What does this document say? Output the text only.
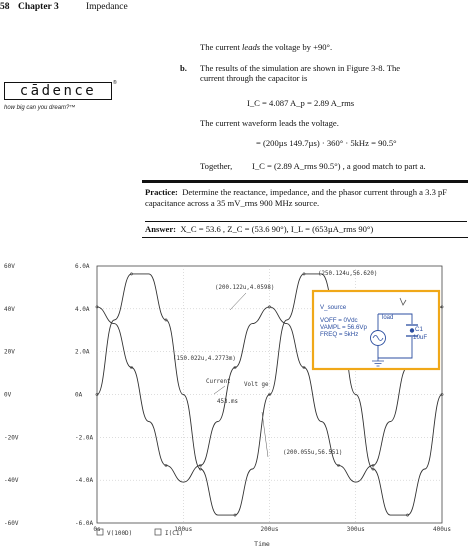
58 Chapter 3	Impedance
cādence	®
how big can you dream?™
The current leads the voltage by +90°.
b. The results of the simulation are shown in Figure 3-8. The
current through the capacitor is
I_C = 4.087 A_p = 2.89 A_rms
The current waveform leads the voltage.
= (200µs 149.7µs) · 360° · 5kHz = 90.5°
Together, I_C = (2.89 A_rms 90.5°) , a good match to part a.
Practice: Determine the reactance, impedance, and the phasor current through a 3.3 pF capacitance across a 35 mV_rms 900 MHz source.
Answer: X_C = 53.6 , Z_C = (53.6 90°), I_L = (653µA_rms 90°)
60V	6.0A
40V	4.0A
20V	2.0A
0V	0A
-20V	-2.0A
-40V	-4.0A
-60V	-6.0A
0s	100us	200us	300us	400us
(250.124u,56.620)
(200.122u,4.0598)
(150.022u,4.2773m)
Current Volt ge
(200.055u,56.551)
453.ms
V(100D)	I(C1)
Time
V_source
VOFF = 0Vdc
VAMPL = 56.6Vp
FREQ = 5kHz
load
C1
10uF
